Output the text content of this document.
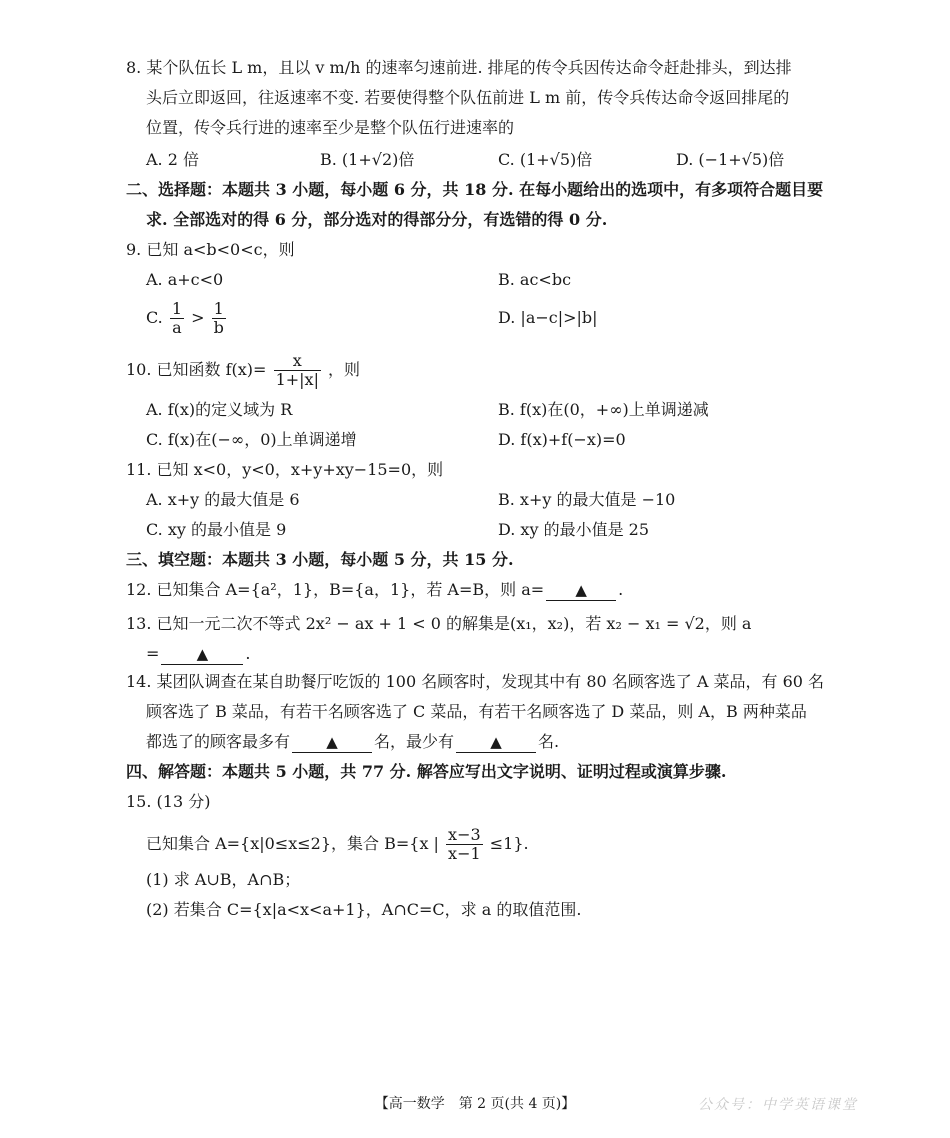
8. 某个队伍长 L m，且以 v m/h 的速率匀速前进. 排尾的传令兵因传达命令赶赴排头，到达排
头后立即返回，往返速率不变. 若要使得整个队伍前进 L m 前，传令兵传达命令返回排尾的
位置，传令兵行进的速率至少是整个队伍行进速率的
A. 2 倍	B. (1+√2)倍	C. (1+√5)倍	D. (−1+√5)倍
二、选择题：本题共 3 小题，每小题 6 分，共 18 分. 在每小题给出的选项中，有多项符合题目要
求. 全部选对的得 6 分，部分选对的得部分分，有选错的得 0 分.
9. 已知 a<b<0<c，则
A. a+c<0	B. ac<bc
C. $\frac{1}{a} > \frac{1}{b}$	D. |a−c|>|b|
10. 已知函数 $f(x)= \frac{x}{1+|x|}$ ，则
A. f(x)的定义域为 R	B. f(x)在(0，+∞)上单调递减
C. f(x)在(−∞，0)上单调递增	D. f(x)+f(−x)=0
11. 已知 x<0，y<0，x+y+xy−15=0，则
A. x+y 的最大值是 6	B. x+y 的最大值是 −10
C. xy 的最小值是 9	D. xy 的最小值是 25
三、填空题：本题共 3 小题，每小题 5 分，共 15 分.
12. 已知集合 A={a²，1}，B={a，1}，若 A=B，则 a= ▲ .
13. 已知一元二次不等式 2x² − ax + 1 < 0 的解集是(x₁，x₂)，若 x₂ − x₁ = √2，则 a
= ▲ .
14. 某团队调查在某自助餐厅吃饭的 100 名顾客时，发现其中有 80 名顾客选了 A 菜品，有 60 名
顾客选了 B 菜品，有若干名顾客选了 C 菜品，有若干名顾客选了 D 菜品，则 A，B 两种菜品
都选了的顾客最多有 ▲ 名，最少有 ▲ 名.
四、解答题：本题共 5 小题，共 77 分. 解答应写出文字说明、证明过程或演算步骤.
15. (13 分)
已知集合 A={x|0≤x≤2}，集合 B={x | $\frac{x-3}{x-1} \le 1$}.
(1) 求 A∪B，A∩B；
(2) 若集合 C={x|a<x<a+1}，A∩C=C，求 a 的取值范围.
【高一数学　第 2 页(共 4 页)】	公众号：中学英语课堂
